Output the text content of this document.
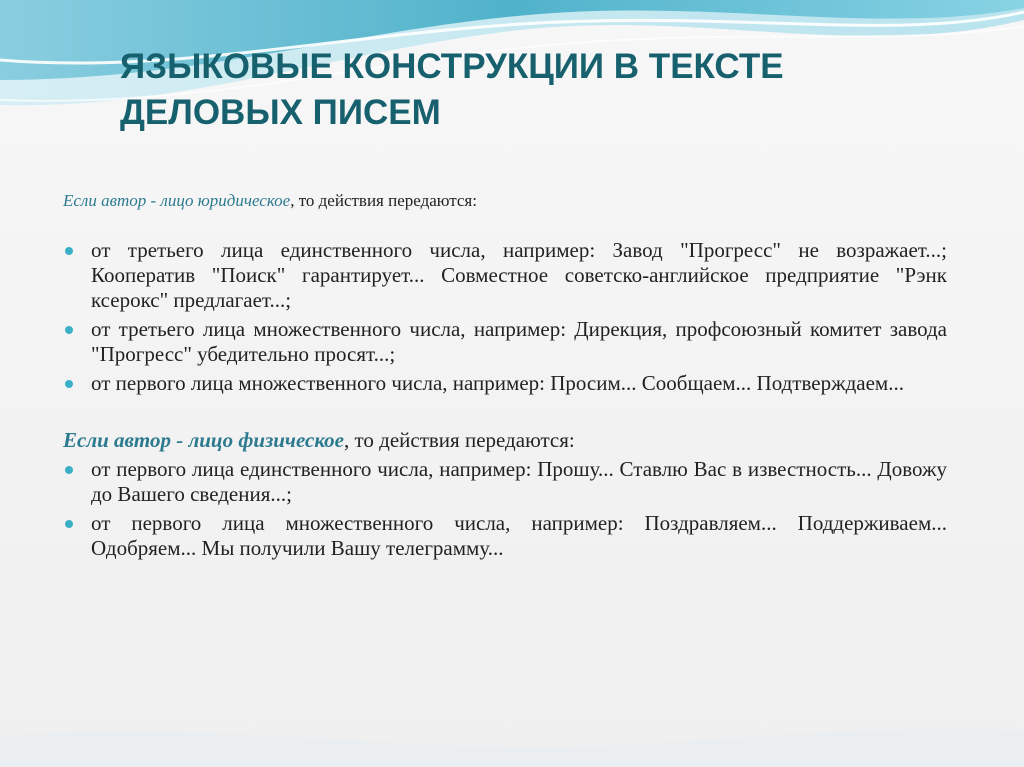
ЯЗЫКОВЫЕ КОНСТРУКЦИИ В ТЕКСТЕ
ДЕЛОВЫХ ПИСЕМ

Если автор - лицо юридическое, то действия передаются:

от третьего лица единственного числа, например: Завод "Прогресс" не возражает...; Кооператив "Поиск" гарантирует... Совместное советско-английское предприятие "Рэнк ксерокс" предлагает...;
от третьего лица множественного числа, например: Дирекция, профсоюзный комитет завода "Прогресс" убедительно просят...;
от первого лица множественного числа, например: Просим... Сообщаем... Подтверждаем...

Если автор - лицо физическое, то действия передаются:

от первого лица единственного числа, например: Прошу... Ставлю Вас в известность... Довожу до Вашего сведения...;
от первого лица множественного числа, например: Поздравляем... Поддерживаем... Одобряем... Мы получили Вашу телеграмму...
